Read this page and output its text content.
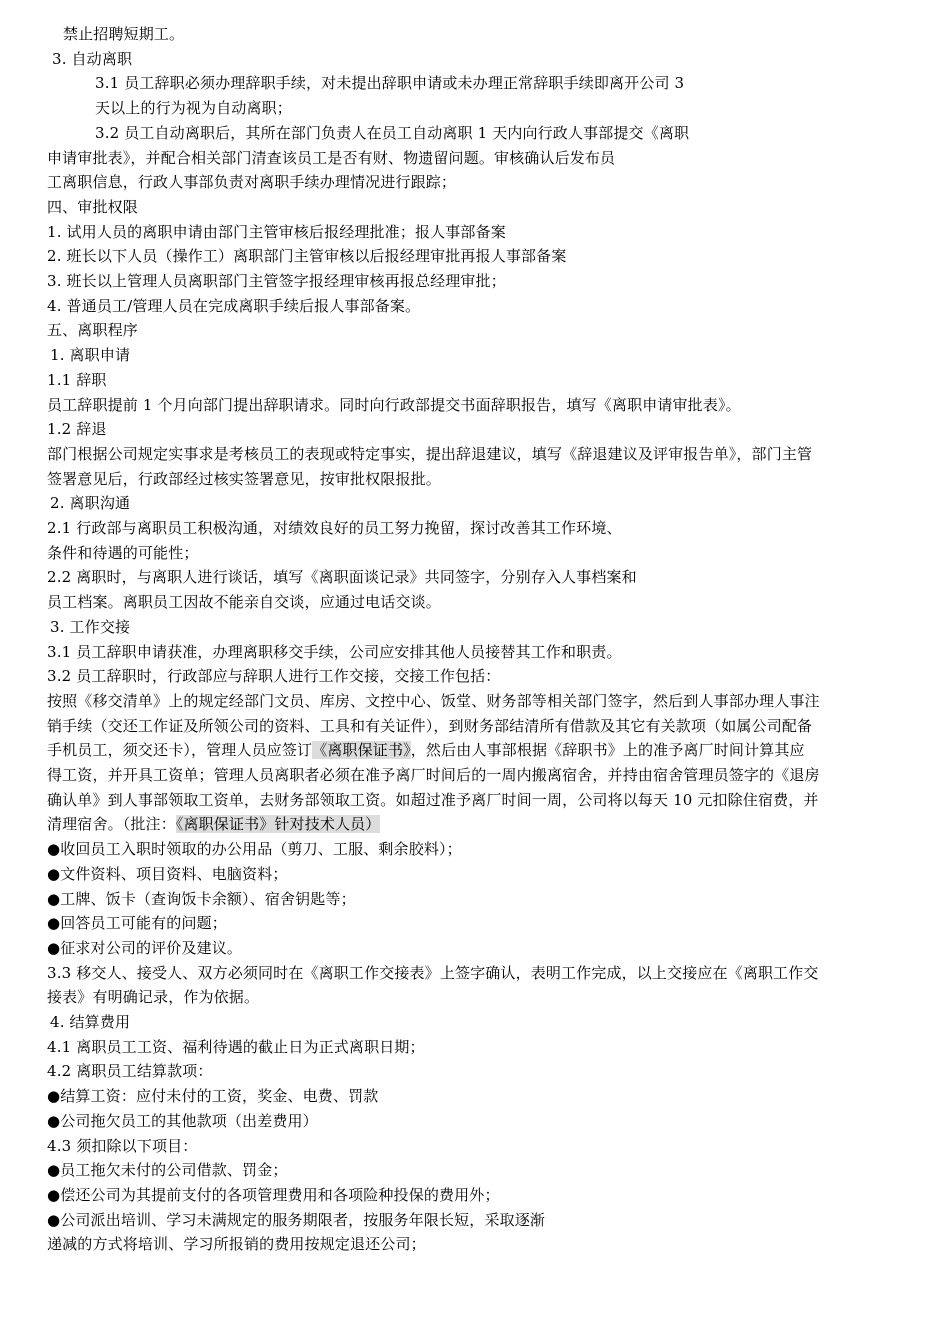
禁止招聘短期工。
3. 自动离职
3.1 员工辞职必须办理辞职手续，对未提出辞职申请或未办理正常辞职手续即离开公司 3
天以上的行为视为自动离职；
3.2 员工自动离职后，其所在部门负责人在员工自动离职 1 天内向行政人事部提交《离职
申请审批表》，并配合相关部门清查该员工是否有财、物遗留问题。审核确认后发布员
工离职信息，行政人事部负责对离职手续办理情况进行跟踪；
四、审批权限
1. 试用人员的离职申请由部门主管审核后报经理批准；报人事部备案
2. 班长以下人员（操作工）离职部门主管审核以后报经理审批再报人事部备案
3. 班长以上管理人员离职部门主管签字报经理审核再报总经理审批；
4. 普通员工/管理人员在完成离职手续后报人事部备案。
五、离职程序
1. 离职申请
1.1 辞职
员工辞职提前 1 个月向部门提出辞职请求。同时向行政部提交书面辞职报告，填写《离职申请审批表》。
1.2 辞退
部门根据公司规定实事求是考核员工的表现或特定事实，提出辞退建议，填写《辞退建议及评审报告单》，部门主管
签署意见后，行政部经过核实签署意见，按审批权限报批。
2. 离职沟通
2.1 行政部与离职员工积极沟通，对绩效良好的员工努力挽留，探讨改善其工作环境、
条件和待遇的可能性；
2.2 离职时，与离职人进行谈话，填写《离职面谈记录》共同签字，分别存入人事档案和
员工档案。离职员工因故不能亲自交谈，应通过电话交谈。
3. 工作交接
3.1 员工辞职申请获准，办理离职移交手续，公司应安排其他人员接替其工作和职责。
3.2 员工辞职时，行政部应与辞职人进行工作交接，交接工作包括：
按照《移交清单》上的规定经部门文员、库房、文控中心、饭堂、财务部等相关部门签字，然后到人事部办理人事注
销手续（交还工作证及所领公司的资料、工具和有关证件），到财务部结清所有借款及其它有关款项（如属公司配备
手机员工，须交还卡），管理人员应签订《离职保证书》，然后由人事部根据《辞职书》上的准予离厂时间计算其应
得工资，并开具工资单；管理人员离职者必须在准予离厂时间后的一周内搬离宿舍，并持由宿舍管理员签字的《退房
确认单》到人事部领取工资单，去财务部领取工资。如超过准予离厂时间一周，公司将以每天 10 元扣除住宿费，并
清理宿舍。（批注：《离职保证书》针对技术人员）
●收回员工入职时领取的办公用品（剪刀、工服、剩余胶料）；
●文件资料、项目资料、电脑资料；
●工牌、饭卡（查询饭卡余额）、宿舍钥匙等；
●回答员工可能有的问题；
●征求对公司的评价及建议。
3.3 移交人、接受人、双方必须同时在《离职工作交接表》上签字确认，表明工作完成，以上交接应在《离职工作交
接表》有明确记录，作为依据。
4. 结算费用
4.1 离职员工工资、福利待遇的截止日为正式离职日期；
4.2 离职员工结算款项：
●结算工资：应付未付的工资，奖金、电费、罚款
●公司拖欠员工的其他款项（出差费用）
4.3 须扣除以下项目：
●员工拖欠未付的公司借款、罚金；
●偿还公司为其提前支付的各项管理费用和各项险种投保的费用外；
●公司派出培训、学习未满规定的服务期限者，按服务年限长短，采取逐渐
递减的方式将培训、学习所报销的费用按规定退还公司；
